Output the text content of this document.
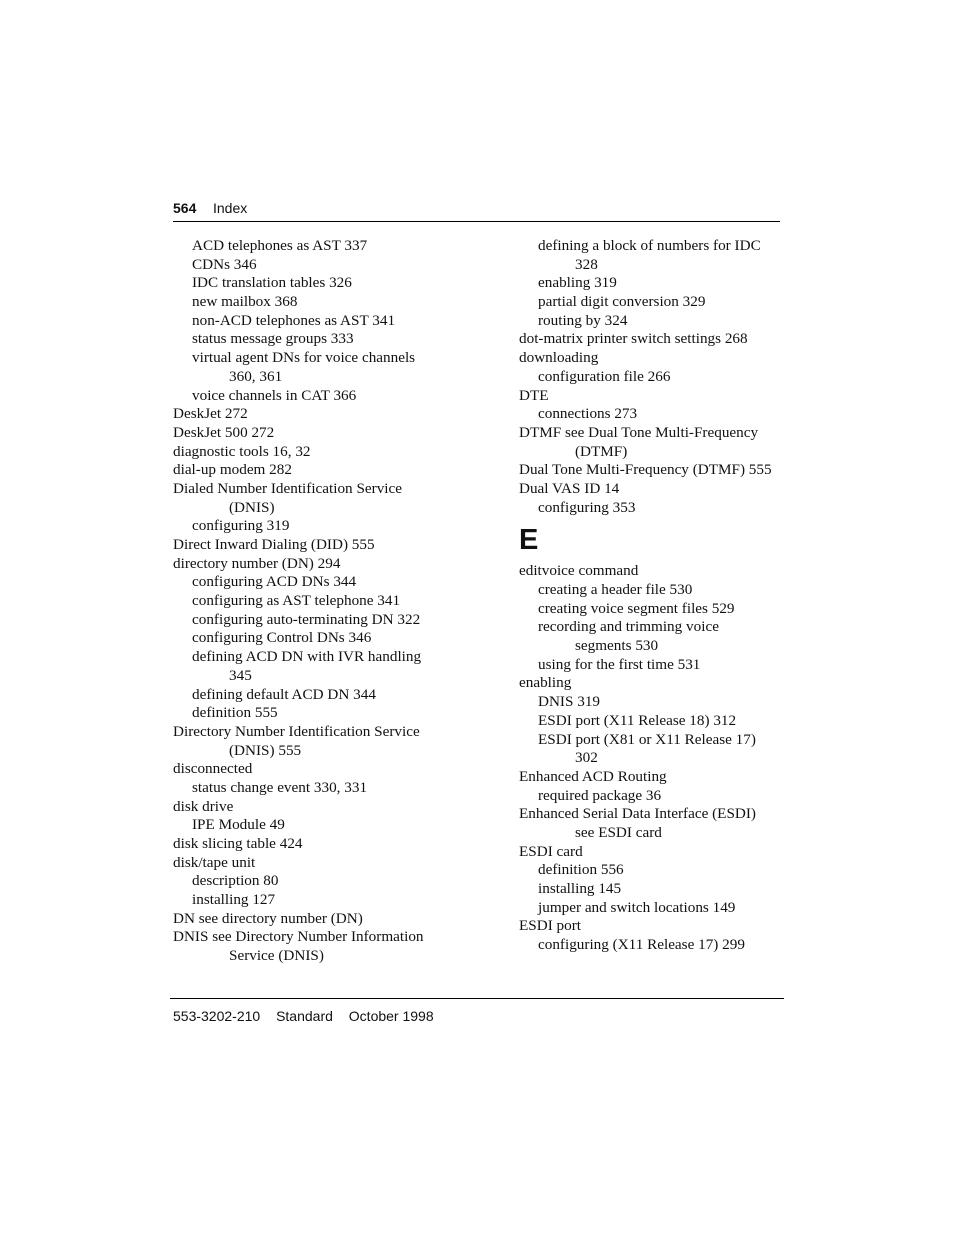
564 Index
ACD telephones as AST 337
CDNs 346
IDC translation tables 326
new mailbox 368
non-ACD telephones as AST 341
status message groups 333
virtual agent DNs for voice channels
360, 361
voice channels in CAT 366
DeskJet 272
DeskJet 500 272
diagnostic tools 16, 32
dial-up modem 282
Dialed Number Identification Service
(DNIS)
configuring 319
Direct Inward Dialing (DID) 555
directory number (DN) 294
configuring ACD DNs 344
configuring as AST telephone 341
configuring auto-terminating DN 322
configuring Control DNs 346
defining ACD DN with IVR handling
345
defining default ACD DN 344
definition 555
Directory Number Identification Service
(DNIS) 555
disconnected
status change event 330, 331
disk drive
IPE Module 49
disk slicing table 424
disk/tape unit
description 80
installing 127
DN see directory number (DN)
DNIS see Directory Number Information
Service (DNIS)
defining a block of numbers for IDC
328
enabling 319
partial digit conversion 329
routing by 324
dot-matrix printer switch settings 268
downloading
configuration file 266
DTE
connections 273
DTMF see Dual Tone Multi-Frequency
(DTMF)
Dual Tone Multi-Frequency (DTMF) 555
Dual VAS ID 14
configuring 353
E
editvoice command
creating a header file 530
creating voice segment files 529
recording and trimming voice
segments 530
using for the first time 531
enabling
DNIS 319
ESDI port (X11 Release 18) 312
ESDI port (X81 or X11 Release 17)
302
Enhanced ACD Routing
required package 36
Enhanced Serial Data Interface (ESDI)
see ESDI card
ESDI card
definition 556
installing 145
jumper and switch locations 149
ESDI port
configuring (X11 Release 17) 299
553-3202-210 Standard October 1998
